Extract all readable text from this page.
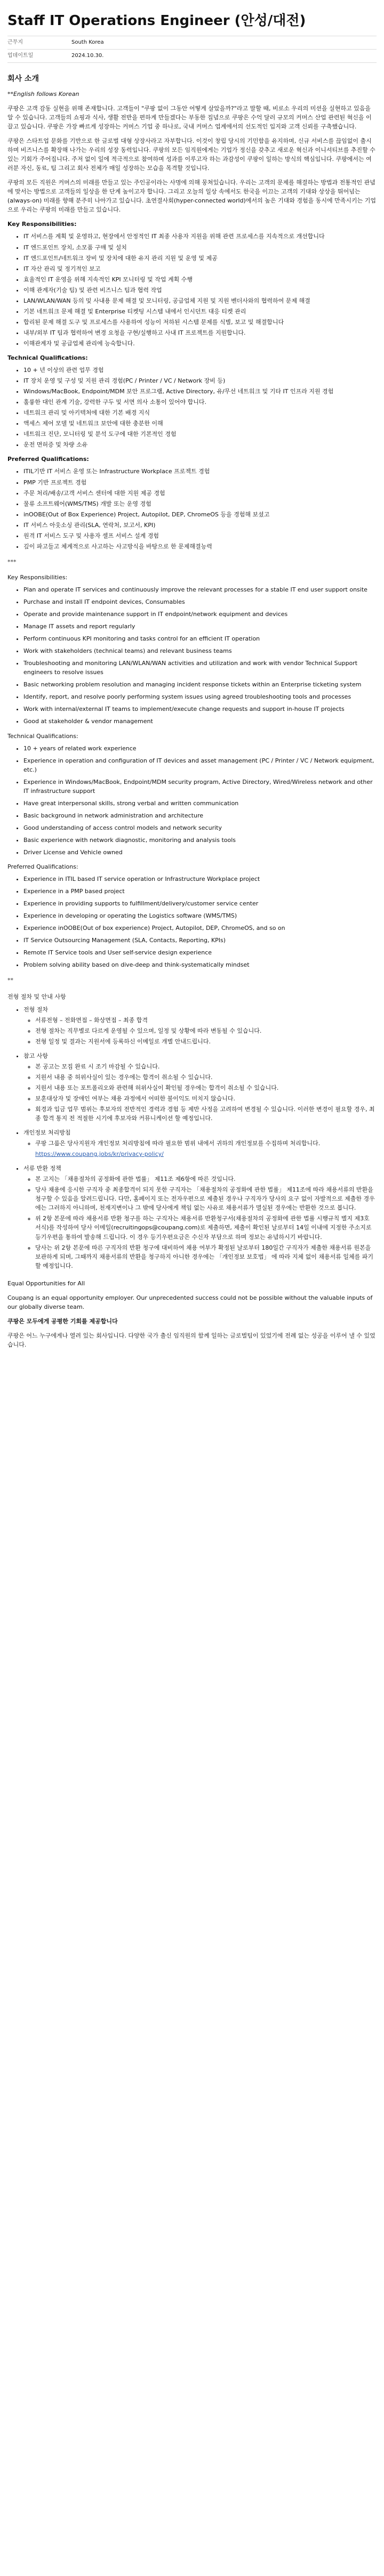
Staff IT Operations Engineer (안성/대전)
근무지	South Korea
업데이트일	2024.10.30.
회사 소개

**English follows Korean

쿠팡은 고객 감동 실현을 위해 존재합니다. 고객들이 "쿠팡 없이 그동안 어떻게 살았을까?"라고 말할 때, 비로소 우리의 미션을 실현하고 있음을 알 수 있습니다. 고객들의 쇼핑과 식사, 생활 전반을 편하게 만들겠다는 부동한 집념으로 쿠팡은 수억 달러 규모의 커머스 산업 관련된 혁신을 이끌고 있습니다. 쿠팡은 가장 빠르게 성장하는 커머스 기업 중 하나로, 국내 커머스 업계에서의 선도적인 입지와 고객 신뢰를 구축했습니다.

쿠팡은 스타트업 문화를 기반으로 한 글로벌 대형 상장사라고 자부합니다. 이것이 창립 당시의 기민함을 유지하며, 신규 서비스를 끊임없이 출시하며 비즈니스를 확장해 나가는 우리의 성장 동력입니다. 쿠팡의 모든 임직원에게는 기업가 정신을 갖추고 새로운 혁신과 이니셔티브를 추진할 수 있는 기회가 주어집니다. 주저 없이 일에 적극적으로 참여하며 성과를 이루고자 하는 과감성이 쿠팡이 일하는 방식의 핵심입니다. 쿠팡에서는 여러분 자신, 동료, 팀 그리고 회사 전체가 매일 성장하는 모습을 목격할 것입니다.

쿠팡의 모든 직원은 커머스의 미래를 만들고 있는 주인공이라는 사명에 의해 뭉쳐있습니다. 우리는 고객의 문제를 해결하는 방법과 전통적인 관념에 맞서는 방법으로 고객들의 일상을 한 단계 높이고자 합니다. 그리고 오늘의 일상 속에서도 한국을 이끄는 고객의 기대와 상상을 뛰어넘는(always-on) 미래를 향해 분주히 나아가고 있습니다. 초연결사회(hyper-connected world)에서의 높은 기대와 경험을 동시에 만족시키는 기업으로 우리는 쿠팡의 미래를 만들고 있습니다.

Key Responsibilities:
• IT 서비스를 계획 및 운영하고, 현장에서 안정적인 IT 최종 사용자 지원을 위해 관련 프로세스를 지속적으로 개선합니다
• IT 엔드포인트 장치, 소모품 구매 및 설치
• IT 엔드포인트/네트워크 장비 및 장치에 대한 유지 관리 지원 및 운영 및 제공
• IT 자산 관리 및 정기적인 보고
• 효율적인 IT 운영을 위해 지속적인 KPI 모니터링 및 작업 계획 수행
• 이해 관계자(기술 팀) 및 관련 비즈니스 팀과 협력 작업
• LAN/WLAN/WAN 등의 및 사내용 문제 해결 및 모니터링, 공급업체 지원 및 지원 벤더사와의 협력하여 문제 해결
• 기본 네트워크 문제 해결 및 Enterprise 티켓팅 시스템 내에서 인시던트 대응 티켓 관리
• 합리된 문제 해결 도구 및 프로세스를 사용하여 성능이 저하된 시스템 문제를 식별, 보고 및 해결합니다
• 내부/외부 IT 팀과 협력하여 변경 요청을 구현/실행하고 사내 IT 프로젝트를 지원합니다.
• 이해관계자 및 공급업체 관리에 능숙합니다.
Technical Qualifications:
• 10 + 년 이상의 관련 업무 경험
• IT 장치 운영 및 구성 및 지원 관리 경험(PC / Printer / VC / Network 장비 등)
• Windows/MacBook, Endpoint/MDM 보안 프로그램, Active Directory, 유/무선 네트워크 및 기타 IT 인프라 지원 경험
• 훌륭한 대인 관계 기술, 강력한 구두 및 서면 의사 소통이 있어야 합니다.
• 네트워크 관리 및 아키텍처에 대한 기본 배경 지식
• 액세스 제어 모델 및 네트워크 보안에 대한 충분한 이해
• 네트워크 진단, 모니터링 및 분석 도구에 대한 기본적인 경험
• 운전 면허증 및 차량 소유
Preferred Qualifications:
• ITIL기반 IT 서비스 운영 또는 Infrastructure Workplace 프로젝트 경험
• PMP 기반 프로젝트 경험
• 주문 처리/배송/고객 서비스 센터에 대한 지원 제공 경험
• 물류 소프트웨어(WMS/TMS) 개발 또는 운영 경험
• inOOBE(Out of Box Experience) Project, Autopilot, DEP, ChromeOS 등을 경험해 보셨고
• IT 서비스 아웃소싱 관리(SLA, 연락처, 보고서, KPI)
• 원격 IT 서비스 도구 및 사용자 셀프 서비스 설계 경험
• 깊이 파고들고 체계적으로 사고하는 사고방식을 바탕으로 한 문제해결능력
***
Key Responsibilities:
• Plan and operate IT services and continuously improve the relevant processes for a stable IT end user support onsite
• Purchase and install IT endpoint devices, Consumables
• Operate and provide maintenance support in IT endpoint/network equipment and devices
• Manage IT assets and report regularly
• Perform continuous KPI monitoring and tasks control for an efficient IT operation
• Work with stakeholders (technical teams) and relevant business teams
• Troubleshooting and monitoring LAN/WLAN/WAN activities and utilization and work with vendor Technical Support engineers to resolve issues
• Basic networking problem resolution and managing incident response tickets within an Enterprise ticketing system
• Identify, report, and resolve poorly performing system issues using agreed troubleshooting tools and processes
• Work with internal/external IT teams to implement/execute change requests and support in-house IT projects
• Good at stakeholder & vendor management
Technical Qualifications:
• 10 + years of related work experience
• Experience in operation and configuration of IT devices and asset management (PC / Printer / VC / Network equipment, etc.)
• Experience in Windows/MacBook, Endpoint/MDM security program, Active Directory, Wired/Wireless network and other IT infrastructure support
• Have great interpersonal skills, strong verbal and written communication
• Basic background in network administration and architecture
• Good understanding of access control models and network security
• Basic experience with network diagnostic, monitoring and analysis tools
• Driver License and Vehicle owned
Preferred Qualifications:
• Experience in ITIL based IT service operation or Infrastructure Workplace project
• Experience in a PMP based project
• Experience in providing supports to fulfillment/delivery/customer service center
• Experience in developing or operating the Logistics software (WMS/TMS)
• Experience inOOBE(Out of box experience) Project, Autopilot, DEP, ChromeOS, and so on
• IT Service Outsourcing Management (SLA, Contacts, Reporting, KPIs)
• Remote IT Service tools and User self-service design experience
• Problem solving ability based on dive-deep and think-systematically mindset
**
전형 절차 및 안내 사항
• 전형 절차
◦ 서류전형 – 전화면접 – 화상면접 – 최종 합격
◦ 전형 절차는 직무별로 다르게 운영될 수 있으며, 일정 및 상황에 따라 변동될 수 있습니다.
◦ 전형 일정 및 결과는 지원서에 등록하신 이메일로 개별 안내드립니다.
• 참고 사항
◦ 본 공고는 모집 완료 시 조기 마감될 수 있습니다.
◦ 지원서 내용 중 허위사실이 있는 경우에는 합격이 취소될 수 있습니다.
◦ 지원서 내용 또는 포트폴리오와 관련해 허위사실이 확인될 경우에는 합격이 취소될 수 있습니다.
◦ 보훈대상자 및 장애인 여부는 채용 과정에서 어떠한 불이익도 미치지 않습니다.
◦ 회경과 입금 업무 범위는 후보자의 전반적인 경력과 경험 등 제반 사정을 고려하여 변경될 수 있습니다. 이러한 변경이 필요할 경우, 최종 합격 통지 전 적절한 시기에 후보자와 커뮤니케이션 할 예정입니다.
• 개인정보 처리방침
◦ 쿠팡 그룹은 당사지원자 개인정보 처리방침에 따라 필요한 범위 내에서 귀하의 개인정보를 수집하며 처리합니다.
https://www.coupang.jobs/kr/privacy-policy/
• 서류 반환 정책
◦ 본 고지는 「채용절차의 공정화에 관한 법률」 제11조 제6항에 따른 것입니다.
◦ 당사 채용에 응시한 구직자 중 최종합격이 되지 못한 구직자는 「채용절차의 공정화에 관한 법률」 제11조에 따라 채용서류의 반환을 청구할 수 있음을 알려드립니다. 다만, 홈페이지 또는 전자우편으로 제출된 경우나 구직자가 당사의 요구 없이 자발적으로 제출한 경우에는 그러하지 아니하며, 천재지변이나 그 밖에 당사에게 책임 없는 사유로 채용서류가 멸실된 경우에는 반환한 것으로 봅니다.
◦ 위 2항 본문에 따라 채용서류 반환 청구를 하는 구직자는 채용서류 반환청구서(채용절차의 공정화에 관한 법률 시행규칙 별지 제3호 서식)를 작성하여 당사 이메일(recruitingops@coupang.com)로 제출하면, 제출이 확인된 날로부터 14일 이내에 지정한 주소지로 등기우편을 통하여 발송해 드립니다. 이 경우 등기우편요금은 수신자 부담으로 하며 정보는 유념하시기 바랍니다.
◦ 당사는 위 2항 본문에 따른 구직자의 반환 청구에 대비하여 채용 여부가 확정된 날로부터 180일간 구직자가 제출한 채용서류 원본을 보관하게 되며, 그때까지 채용서류의 반환을 청구하지 아니한 경우에는 「개인정보 보호법」 에 따라 지체 없이 채용서류 일체를 파기할 예정입니다.

Equal Opportunities for All

Coupang is an equal opportunity employer. Our unprecedented success could not be possible without the valuable inputs of our globally diverse team.

쿠팡은 모두에게 공평한 기회를 제공합니다

쿠팡은 어느 누구에게나 열려 있는 회사입니다. 다양한 국가 출신 임직원의 함께 일하는 글로벌팀이 있었기에 전례 없는 성공을 이루어 낼 수 있었습니다.
